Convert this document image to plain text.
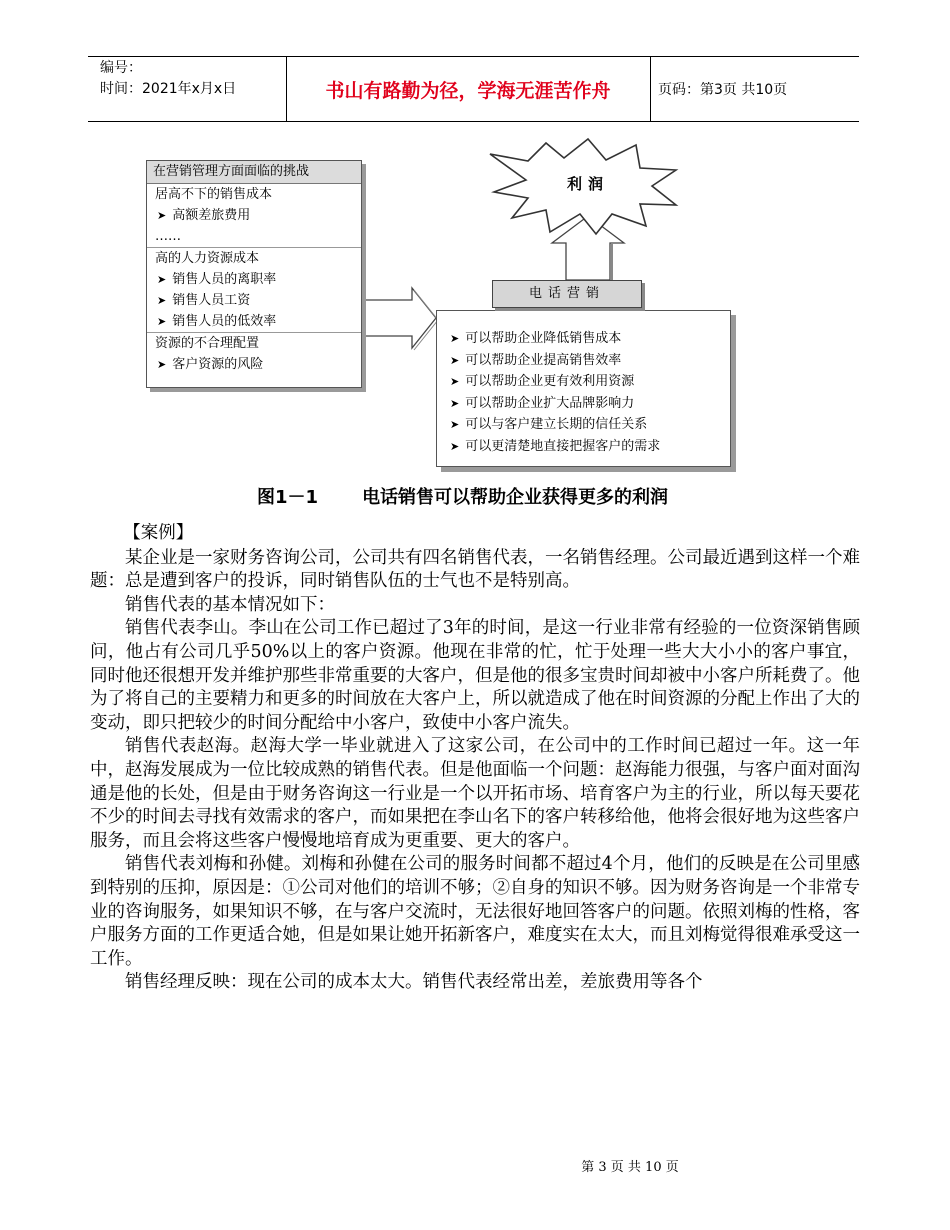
编号：
时间：2021年x月x日	书山有路勤为径，学海无涯苦作舟	页码：第3页 共10页
利润
在营销管理方面面临的挑战
居高不下的销售成本
➤ 高额差旅费用
……
高的人力资源成本
➤ 销售人员的离职率
➤ 销售人员工资
➤ 销售人员的低效率
资源的不合理配置
➤ 客户资源的风险
➤ 可以帮助企业降低销售成本
➤ 可以帮助企业提高销售效率
➤ 可以帮助企业更有效利用资源
➤ 可以帮助企业扩大品牌影响力
➤ 可以与客户建立长期的信任关系
➤ 可以更清楚地直接把握客户的需求
电话营销
图1－1 电话销售可以帮助企业获得更多的利润

【案例】

某企业是一家财务咨询公司，公司共有四名销售代表，一名销售经理。公司最近遇到这样一个难题：总是遭到客户的投诉，同时销售队伍的士气也不是特别高。

销售代表的基本情况如下：

销售代表李山。李山在公司工作已超过了3年的时间，是这一行业非常有经验的一位资深销售顾问，他占有公司几乎50%以上的客户资源。他现在非常的忙，忙于处理一些大大小小的客户事宜，同时他还很想开发并维护那些非常重要的大客户，但是他的很多宝贵时间却被中小客户所耗费了。他为了将自己的主要精力和更多的时间放在大客户上，所以就造成了他在时间资源的分配上作出了大的变动，即只把较少的时间分配给中小客户，致使中小客户流失。

销售代表赵海。赵海大学一毕业就进入了这家公司，在公司中的工作时间已超过一年。这一年中，赵海发展成为一位比较成熟的销售代表。但是他面临一个问题：赵海能力很强，与客户面对面沟通是他的长处，但是由于财务咨询这一行业是一个以开拓市场、培育客户为主的行业，所以每天要花不少的时间去寻找有效需求的客户，而如果把在李山名下的客户转移给他，他将会很好地为这些客户服务，而且会将这些客户慢慢地培育成为更重要、更大的客户。

销售代表刘梅和孙健。刘梅和孙健在公司的服务时间都不超过4个月，他们的反映是在公司里感到特别的压抑，原因是：①公司对他们的培训不够；②自身的知识不够。因为财务咨询是一个非常专业的咨询服务，如果知识不够，在与客户交流时，无法很好地回答客户的问题。依照刘梅的性格，客户服务方面的工作更适合她，但是如果让她开拓新客户，难度实在太大，而且刘梅觉得很难承受这一工作。

销售经理反映：现在公司的成本太大。销售代表经常出差，差旅费用等各个

第 3 页 共 10 页
